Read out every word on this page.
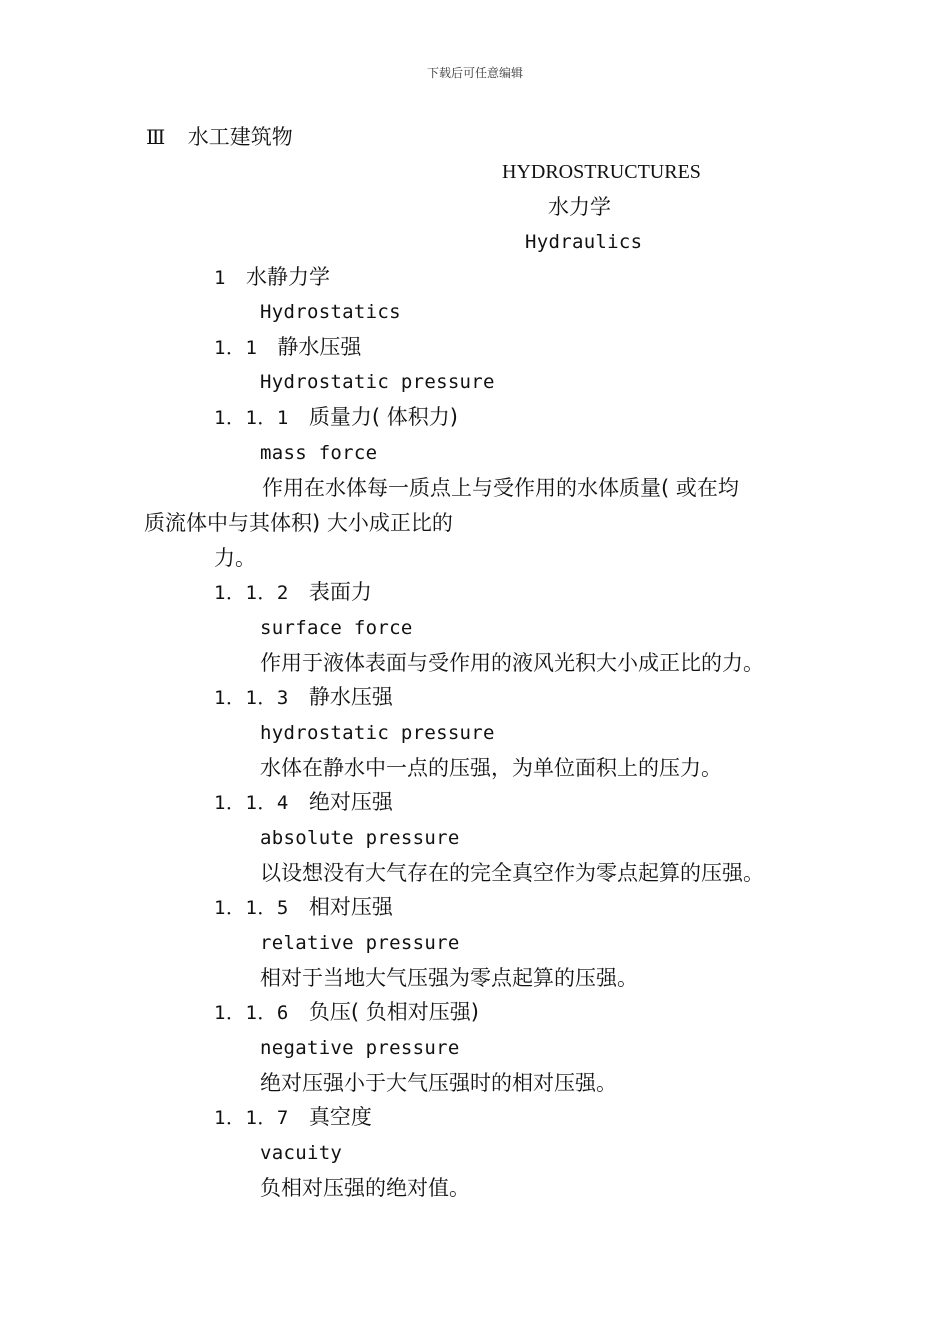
下载后可任意编辑
Ⅲ 水工建筑物
HYDROSTRUCTURES
水力学
Hydraulics
1 水静力学
Hydrostatics
1．1 静水压强
Hydrostatic pressure
1．1．1 质量力( 体积力)
mass force
作用在水体每一质点上与受作用的水体质量( 或在均
质流体中与其体积) 大小成正比的
力。
1．1．2 表面力
surface force
作用于液体表面与受作用的液风光积大小成正比的力。
1．1．3 静水压强
hydrostatic pressure
水体在静水中一点的压强，为单位面积上的压力。
1．1．4 绝对压强
absolute pressure
以设想没有大气存在的完全真空作为零点起算的压强。
1．1．5 相对压强
relative pressure
相对于当地大气压强为零点起算的压强。
1．1．6 负压( 负相对压强)
negative pressure
绝对压强小于大气压强时的相对压强。
1．1．7 真空度
vacuity
负相对压强的绝对值。
